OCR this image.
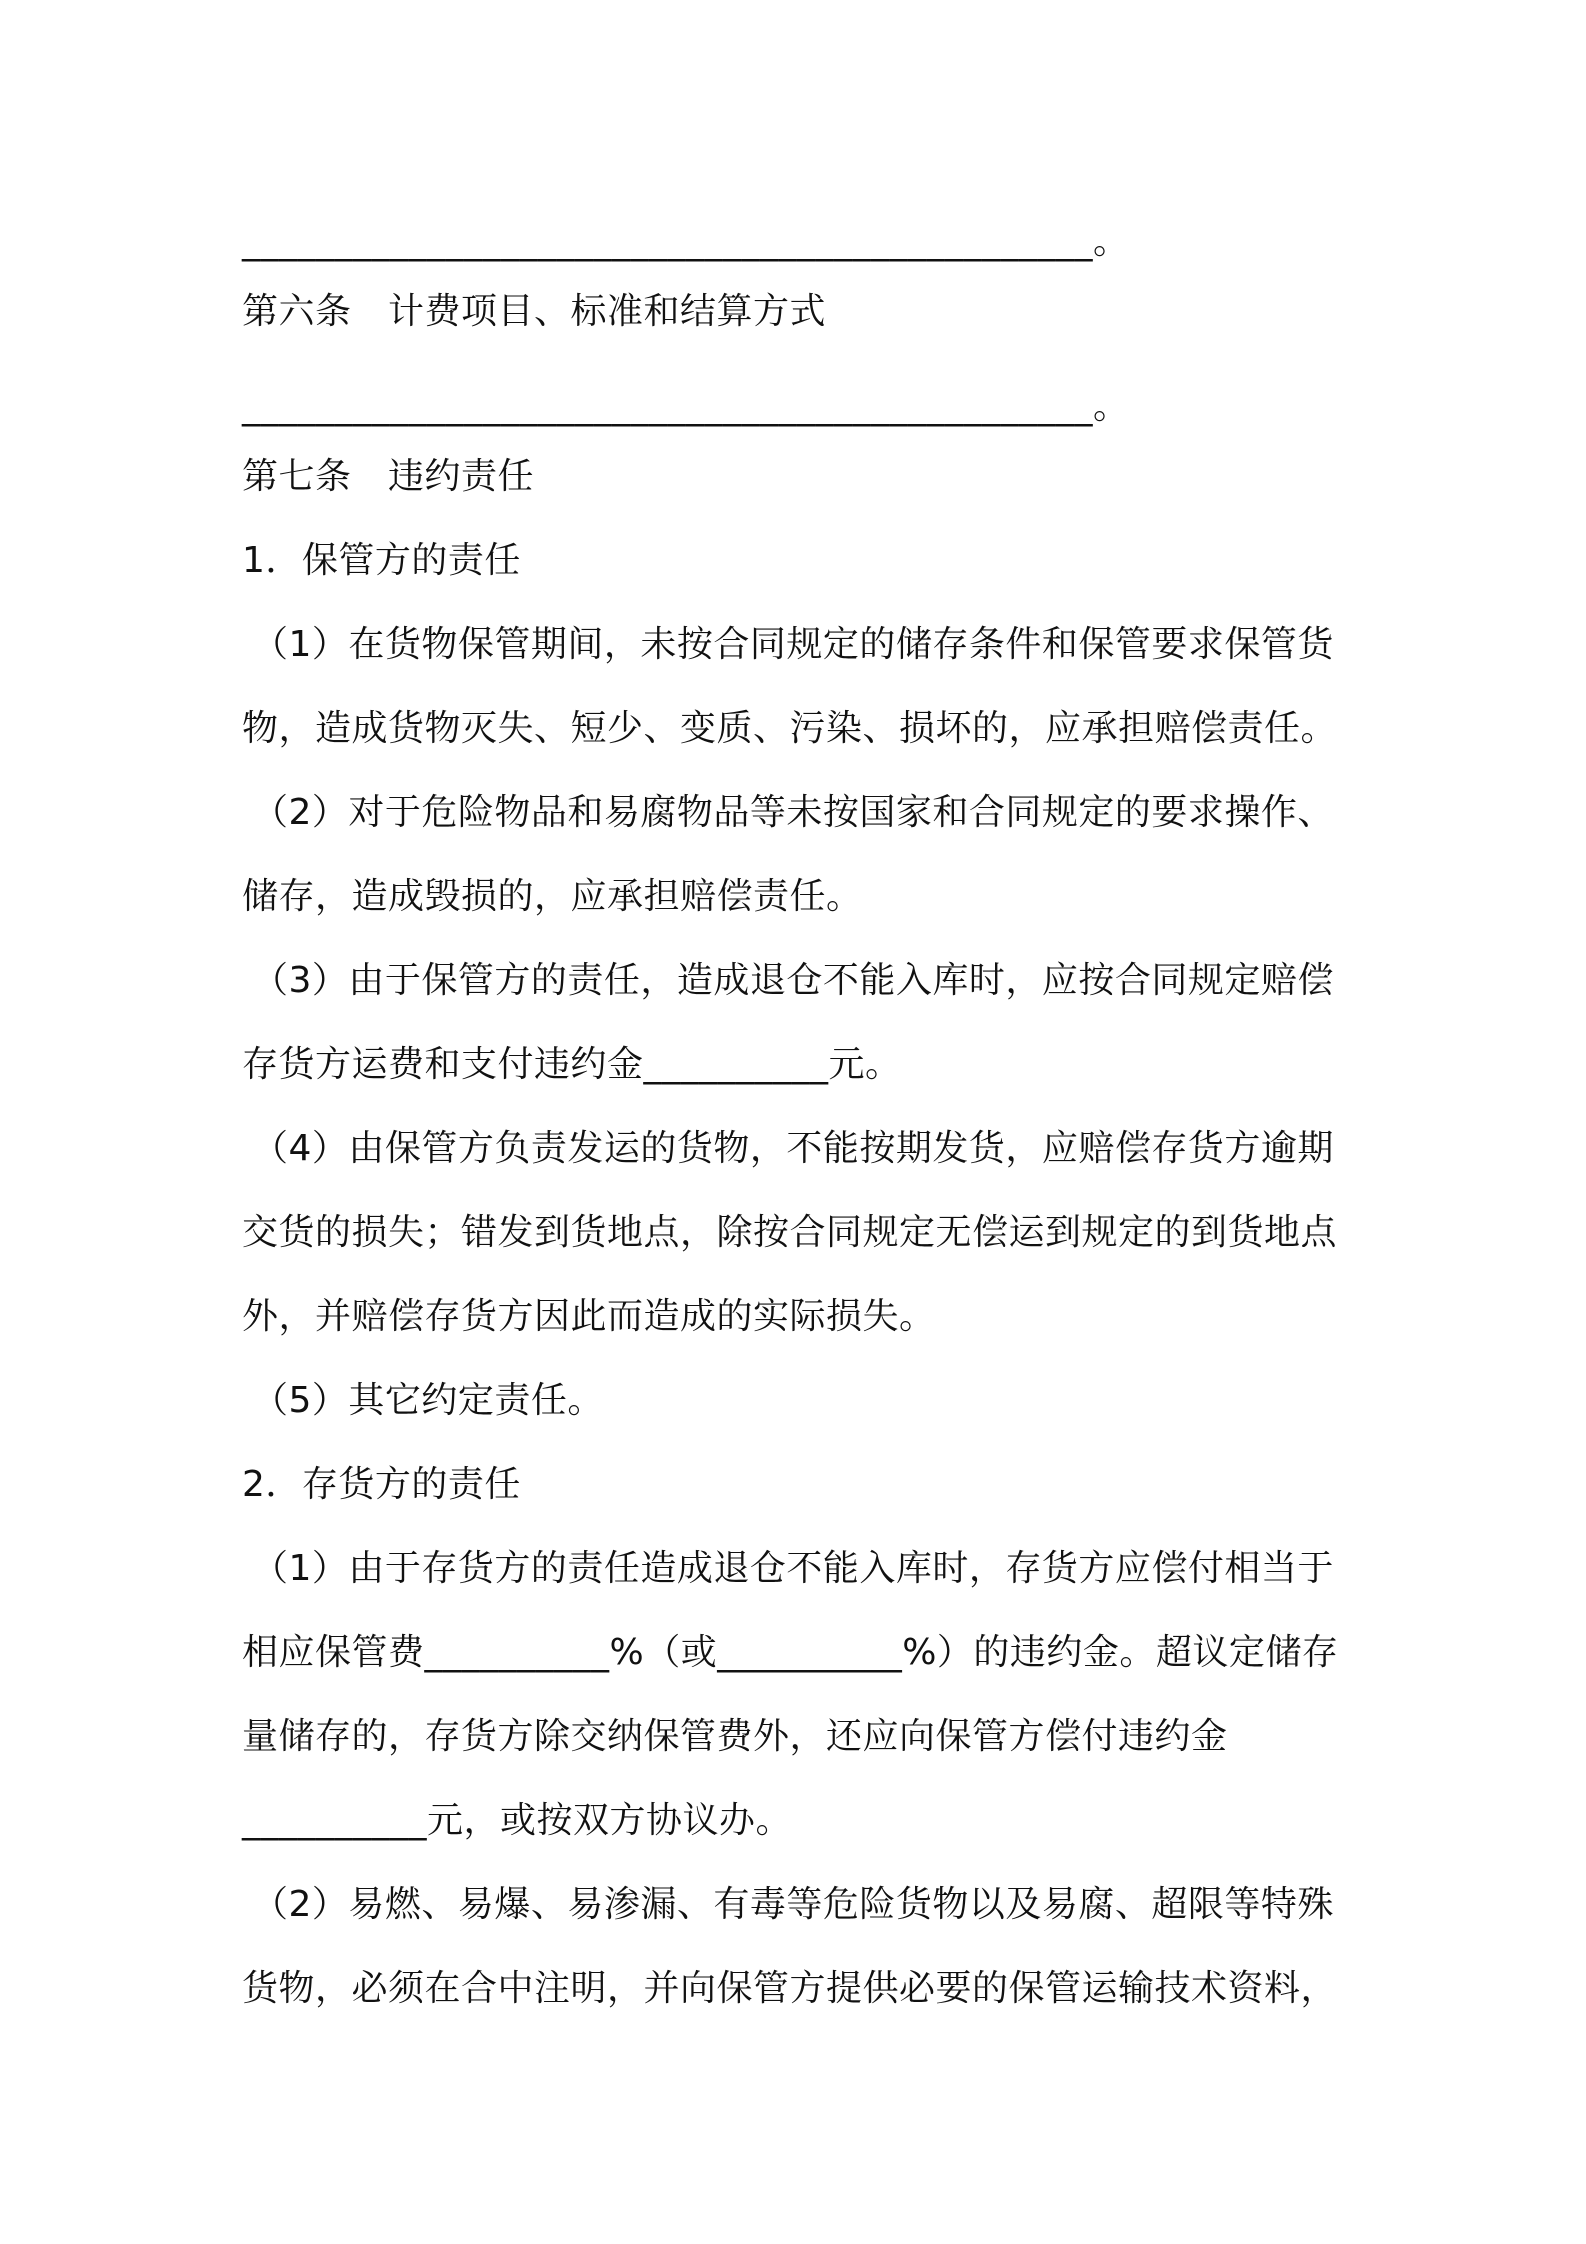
______________________________________________。
第六条　计费项目、标准和结算方式
______________________________________________。
第七条　违约责任
1．保管方的责任
（1）在货物保管期间，未按合同规定的储存条件和保管要求保管货
物，造成货物灭失、短少、变质、污染、损坏的，应承担赔偿责任。
（2）对于危险物品和易腐物品等未按国家和合同规定的要求操作、
储存，造成毁损的，应承担赔偿责任。
（3）由于保管方的责任，造成退仓不能入库时，应按合同规定赔偿
存货方运费和支付违约金__________元。
（4）由保管方负责发运的货物，不能按期发货，应赔偿存货方逾期
交货的损失；错发到货地点，除按合同规定无偿运到规定的到货地点
外，并赔偿存货方因此而造成的实际损失。
（5）其它约定责任。
2．存货方的责任
（1）由于存货方的责任造成退仓不能入库时，存货方应偿付相当于
相应保管费__________%（或__________%）的违约金。超议定储存
量储存的，存货方除交纳保管费外，还应向保管方偿付违约金
__________元，或按双方协议办。
（2）易燃、易爆、易渗漏、有毒等危险货物以及易腐、超限等特殊
货物，必须在合中注明，并向保管方提供必要的保管运输技术资料，
